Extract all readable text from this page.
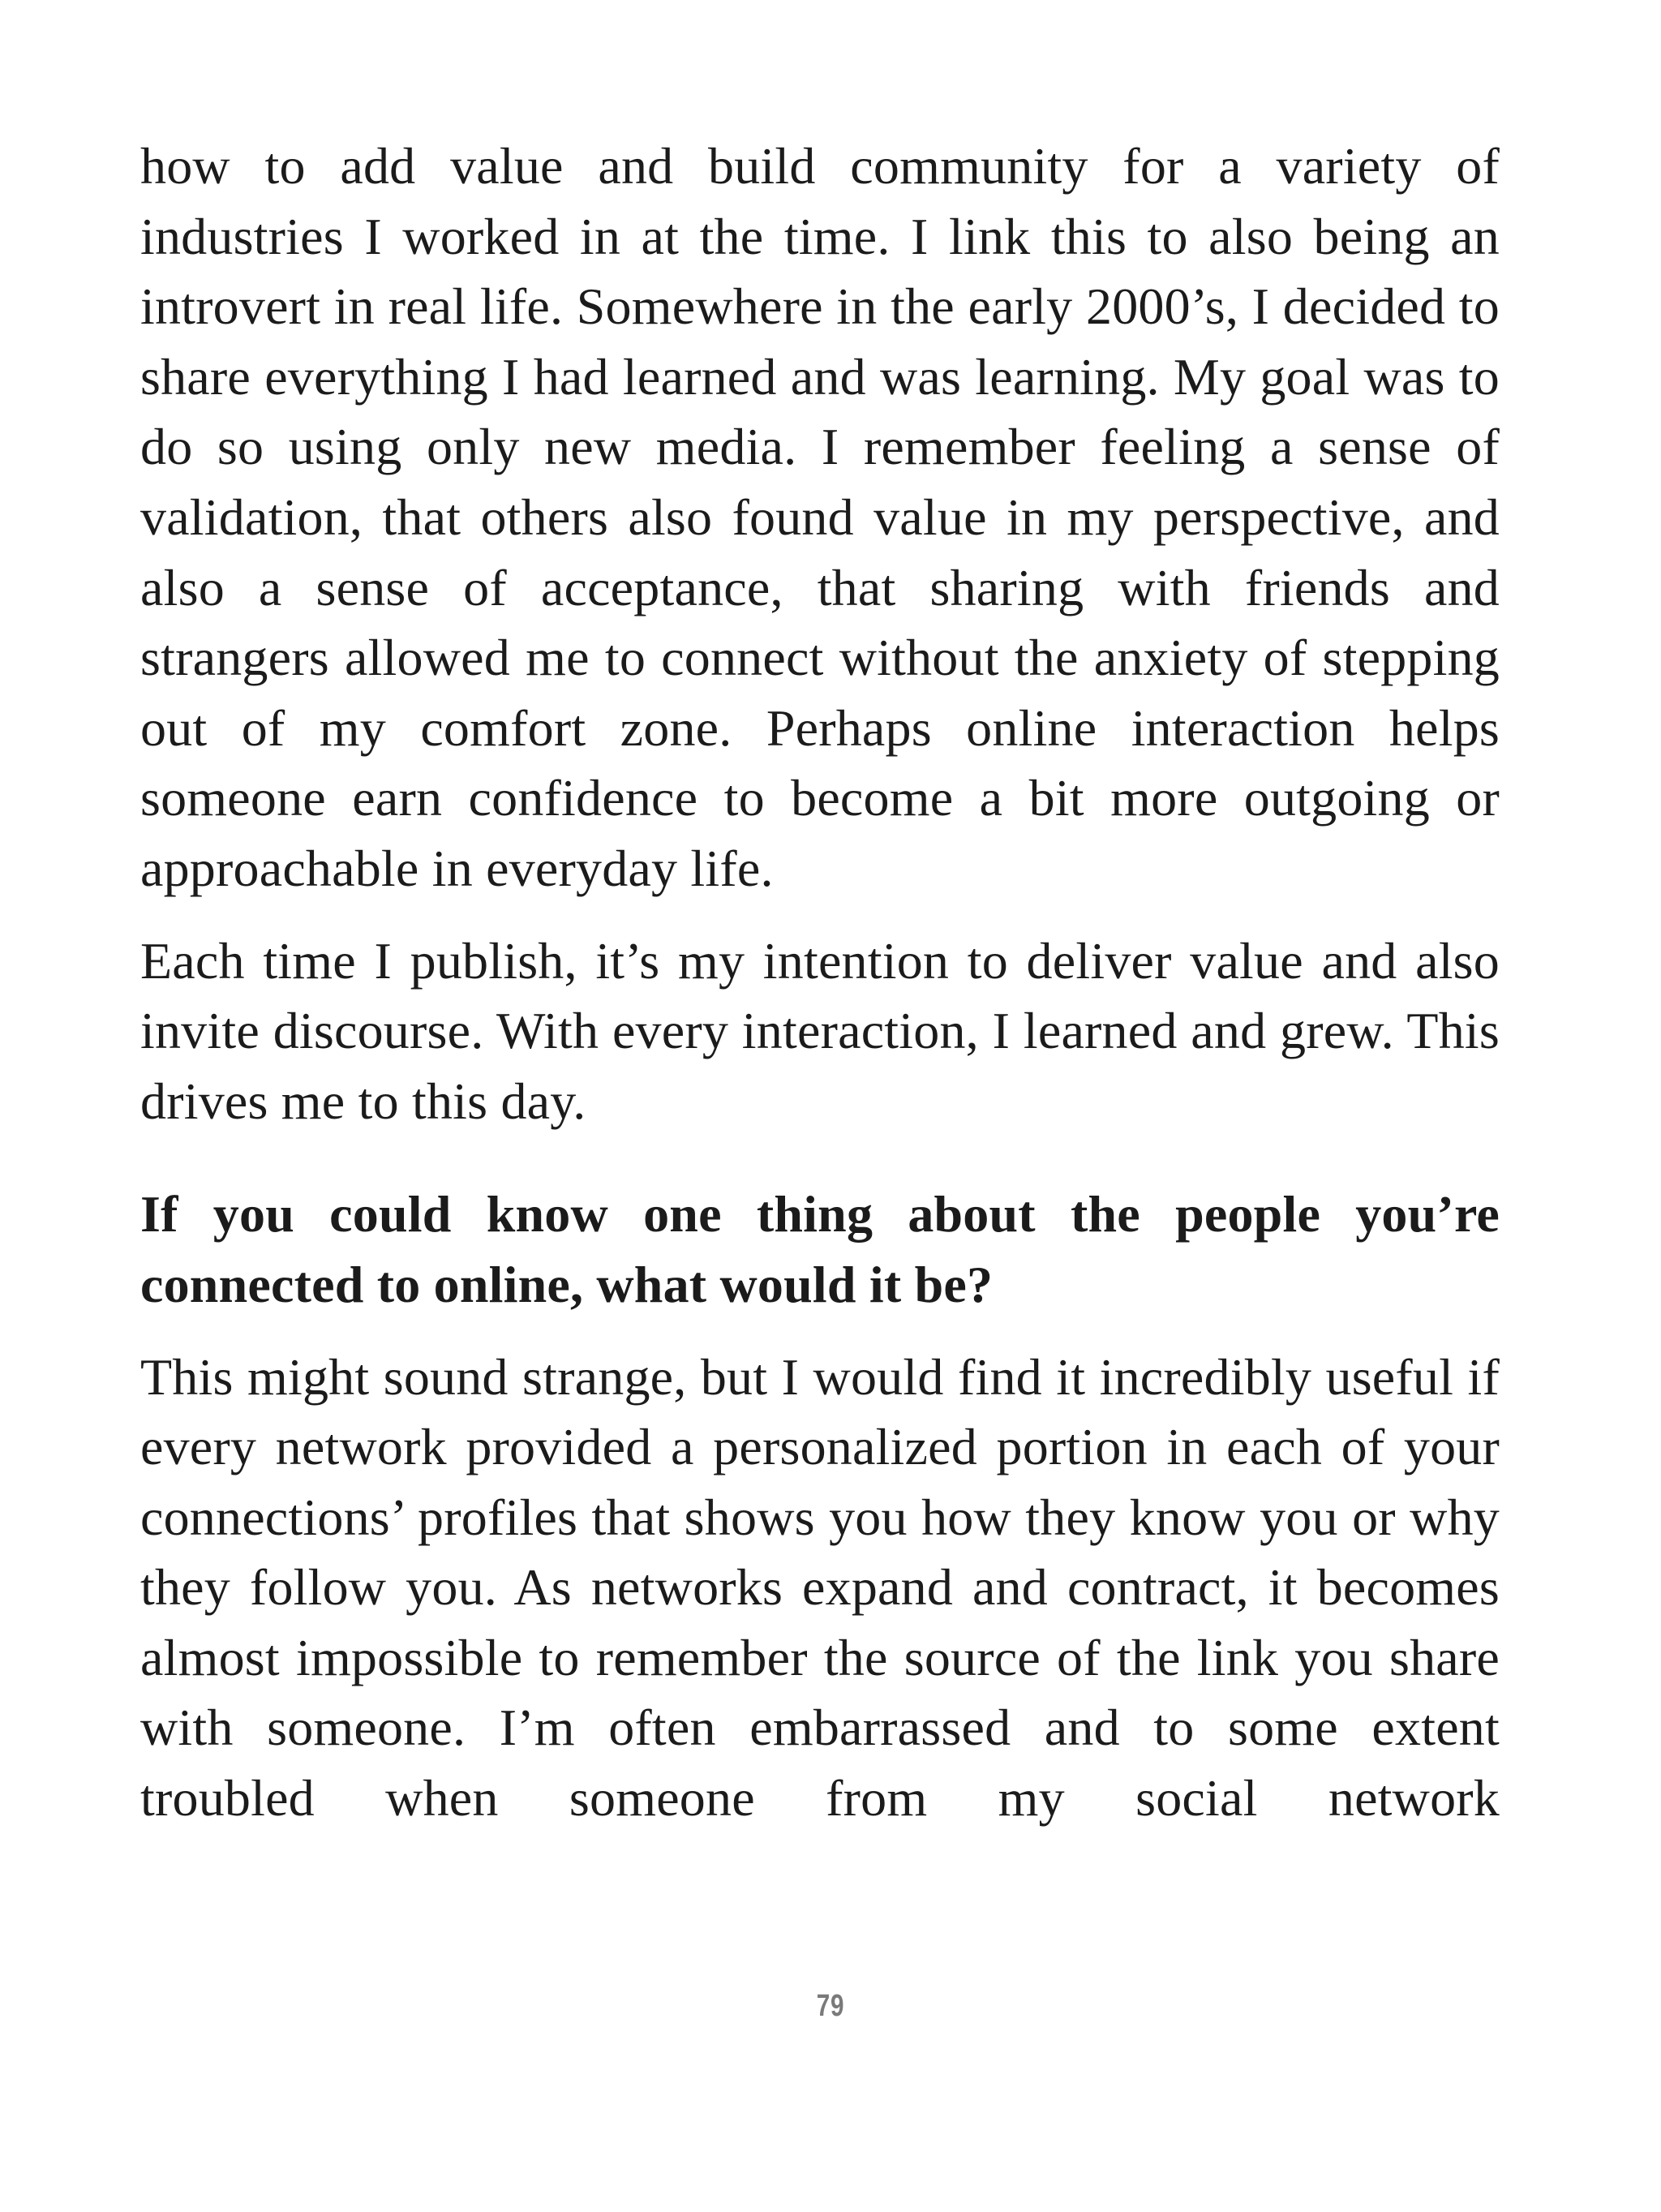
how to add value and build community for a variety of industries I worked in at the time. I link this to also being an introvert in real life. Somewhere in the early 2000’s, I decided to share everything I had learned and was learning. My goal was to do so using only new media. I remember feeling a sense of validation, that others also found value in my perspective, and also a sense of acceptance, that sharing with friends and strangers allowed me to connect without the anxiety of stepping out of my comfort zone. Perhaps online interaction helps someone earn confidence to become a bit more outgoing or approachable in everyday life.

Each time I publish, it’s my intention to deliver value and also invite discourse. With every interaction, I learned and grew. This drives me to this day.

If you could know one thing about the people you’re connected to online, what would it be?

This might sound strange, but I would find it incredibly useful if every network provided a personalized portion in each of your connections’ profiles that shows you how they know you or why they follow you. As networks expand and contract, it becomes almost impossible to remember the source of the link you share with someone. I’m often embarrassed and to some extent troubled when someone from my social network

79
